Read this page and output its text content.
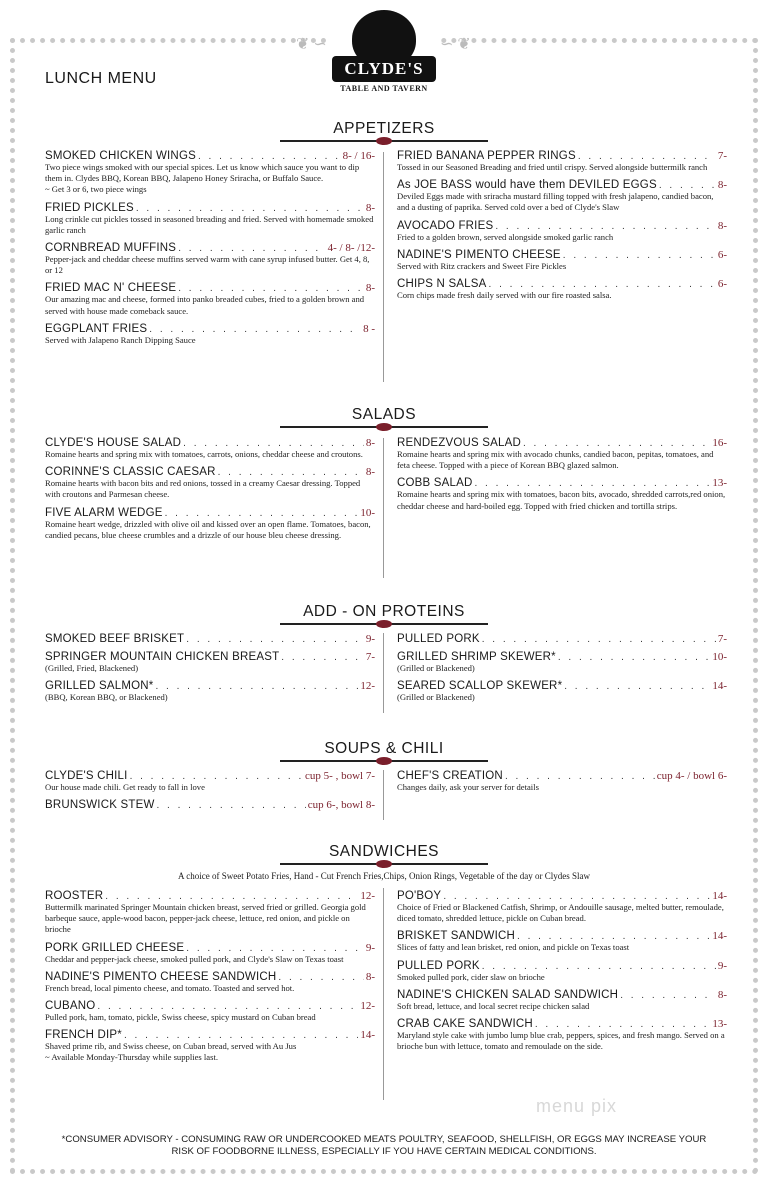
❦ ∽	∽ ❦
CLYDE'S
TABLE AND TAVERN
LUNCH MENU
APPETIZERS
SMOKED CHICKEN WINGS . . .	8- / 16-
Two piece wings smoked with our special spices. Let us know which sauce you want to dip them in. Clydes BBQ, Korean BBQ, Jalapeno Honey Sriracha, or Buffalo Sauce.
~ Get 3 or 6, two piece wings
FRIED PICKLES . . .	8-
Long crinkle cut pickles tossed in seasoned breading and fried. Served with homemade smoked garlic ranch
CORNBREAD MUFFINS . . .	4- / 8- /12-
Pepper-jack and cheddar cheese muffins served warm with cane syrup infused butter. Get 4, 8, or 12
FRIED MAC N' CHEESE . . .	8-
Our amazing mac and cheese, formed into panko breaded cubes, fried to a golden brown and served with house made comeback sauce.
EGGPLANT FRIES . . .	8 -
Served with Jalapeno Ranch Dipping Sauce
FRIED BANANA PEPPER RINGS . . .	7-
Tossed in our Seasoned Breading and fried until crispy. Served alongside buttermilk ranch
As JOE BASS would have them DEVILED EGGS . . .	8-
Deviled Eggs made with sriracha mustard filling topped with fresh jalapeno, candied bacon, and a dusting of paprika. Served cold over a bed of Clyde's Slaw
AVOCADO FRIES . . .	8-
Fried to a golden brown, served alongside smoked garlic ranch
NADINE'S PIMENTO CHEESE . . .	6-
Served with Ritz crackers and Sweet Fire Pickles
CHIPS N SALSA . . .	6-
Corn chips made fresh daily served with our fire roasted salsa.
SALADS
CLYDE'S HOUSE SALAD . . .	8-
Romaine hearts and spring mix with tomatoes, carrots, onions, cheddar cheese and croutons.
CORINNE'S CLASSIC CAESAR . . .	8-
Romaine hearts with bacon bits and red onions, tossed in a creamy Caesar dressing. Topped with croutons and Parmesan cheese.
FIVE ALARM WEDGE . . .	10-
Romaine heart wedge, drizzled with olive oil and kissed over an open flame. Tomatoes, bacon, candied pecans, blue cheese crumbles and a drizzle of our house bleu cheese dressing.
RENDEZVOUS SALAD . . .	16-
Romaine hearts and spring mix with avocado chunks, candied bacon, pepitas, tomatoes, and feta cheese. Topped with a piece of Korean BBQ glazed salmon.
COBB SALAD . . .	13-
Romaine hearts and spring mix with tomatoes, bacon bits, avocado, shredded carrots,red onion, cheddar cheese and hard-boiled egg. Topped with fried chicken and tortilla strips.
ADD - ON PROTEINS
SMOKED BEEF BRISKET . . .	9-
SPRINGER MOUNTAIN CHICKEN BREAST . . .	7-
(Grilled, Fried, Blackened)
GRILLED SALMON* . . .	12-
(BBQ, Korean BBQ, or Blackened)
PULLED PORK . . .	7-
GRILLED SHRIMP SKEWER* . . .	10-
(Grilled or Blackened)
SEARED SCALLOP SKEWER* . . .	14-
(Grilled or Blackened)
SOUPS & CHILI
CLYDE'S CHILI . . .	cup 5- , bowl 7-
Our house made chili. Get ready to fall in love
BRUNSWICK STEW . . .	cup 6-, bowl 8-
CHEF'S CREATION . . .	cup 4- / bowl 6-
Changes daily, ask your server for details
SANDWICHES
A choice of Sweet Potato Fries, Hand - Cut French Fries,Chips, Onion Rings, Vegetable of the day or Clydes Slaw
ROOSTER . . .	12-
Buttermilk marinated Springer Mountain chicken breast, served fried or grilled. Georgia gold barbeque sauce, apple-wood bacon, pepper-jack cheese, lettuce, red onion, and pickle on brioche
PORK GRILLED CHEESE . . .	9-
Cheddar and pepper-jack cheese, smoked pulled pork, and Clyde's Slaw on Texas toast
NADINE'S PIMENTO CHEESE SANDWICH . . .	8-
French bread, local pimento cheese, and tomato. Toasted and served hot.
CUBANO . . .	12-
Pulled pork, ham, tomato, pickle, Swiss cheese, spicy mustard on Cuban bread
FRENCH DIP* . . .	14-
Shaved prime rib, and Swiss cheese, on Cuban bread, served with Au Jus
~ Available Monday-Thursday while supplies last.
PO'BOY . . .	14-
Choice of Fried or Blackened Catfish, Shrimp, or Andouille sausage, melted butter, remoulade, diced tomato, shredded lettuce, pickle on Cuban bread.
BRISKET SANDWICH . . .	14-
Slices of fatty and lean brisket, red onion, and pickle on Texas toast
PULLED PORK . . .	9-
Smoked pulled pork, cider slaw on brioche
NADINE'S CHICKEN SALAD SANDWICH . . .	8-
Soft bread, lettuce, and local secret recipe chicken salad
CRAB CAKE SANDWICH . . .	13-
Maryland style cake with jumbo lump blue crab, peppers, spices, and fresh mango. Served on a brioche bun with lettuce, tomato and remoulade on the side.
menu pix
*CONSUMER ADVISORY - CONSUMING RAW OR UNDERCOOKED MEATS POULTRY, SEAFOOD, SHELLFISH, OR EGGS MAY INCREASE YOUR
RISK OF FOODBORNE ILLNESS, ESPECIALLY IF YOU HAVE CERTAIN MEDICAL CONDITIONS.
